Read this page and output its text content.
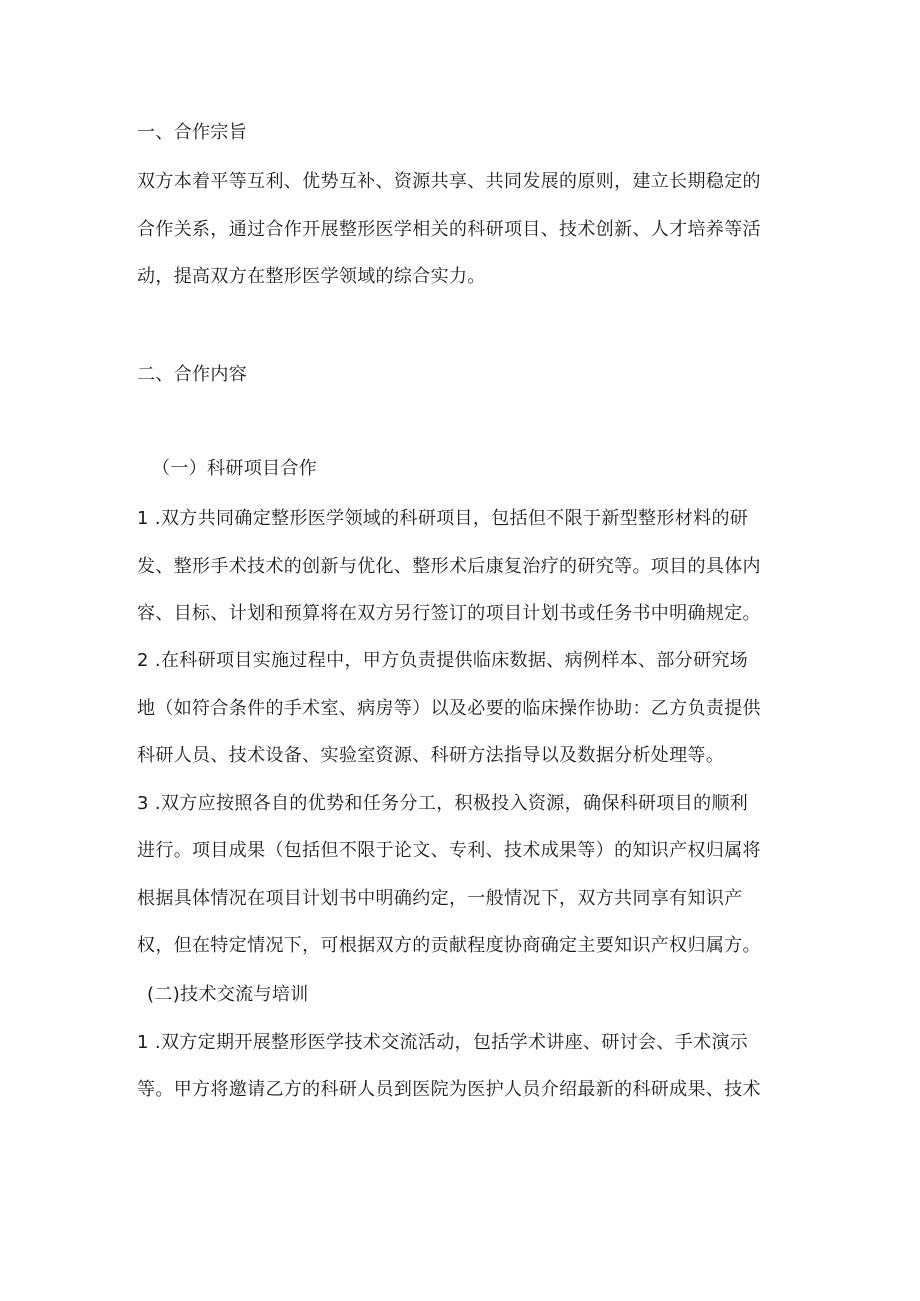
一、合作宗旨
双方本着平等互利、优势互补、资源共享、共同发展的原则，建立长期稳定的
合作关系，通过合作开展整形医学相关的科研项目、技术创新、人才培养等活
动，提高双方在整形医学领域的综合实力。
二、合作内容
（一）科研项目合作
1 .双方共同确定整形医学领域的科研项目，包括但不限于新型整形材料的研
发、整形手术技术的创新与优化、整形术后康复治疗的研究等。项目的具体内
容、目标、计划和预算将在双方另行签订的项目计划书或任务书中明确规定。
2 .在科研项目实施过程中，甲方负责提供临床数据、病例样本、部分研究场
地（如符合条件的手术室、病房等）以及必要的临床操作协助：乙方负责提供
科研人员、技术设备、实验室资源、科研方法指导以及数据分析处理等。
3 .双方应按照各自的优势和任务分工，积极投入资源，确保科研项目的顺利
进行。项目成果（包括但不限于论文、专利、技术成果等）的知识产权归属将
根据具体情况在项目计划书中明确约定，一般情况下，双方共同享有知识产
权，但在特定情况下，可根据双方的贡献程度协商确定主要知识产权归属方。
(二)技术交流与培训
1 .双方定期开展整形医学技术交流活动，包括学术讲座、研讨会、手术演示
等。甲方将邀请乙方的科研人员到医院为医护人员介绍最新的科研成果、技术
